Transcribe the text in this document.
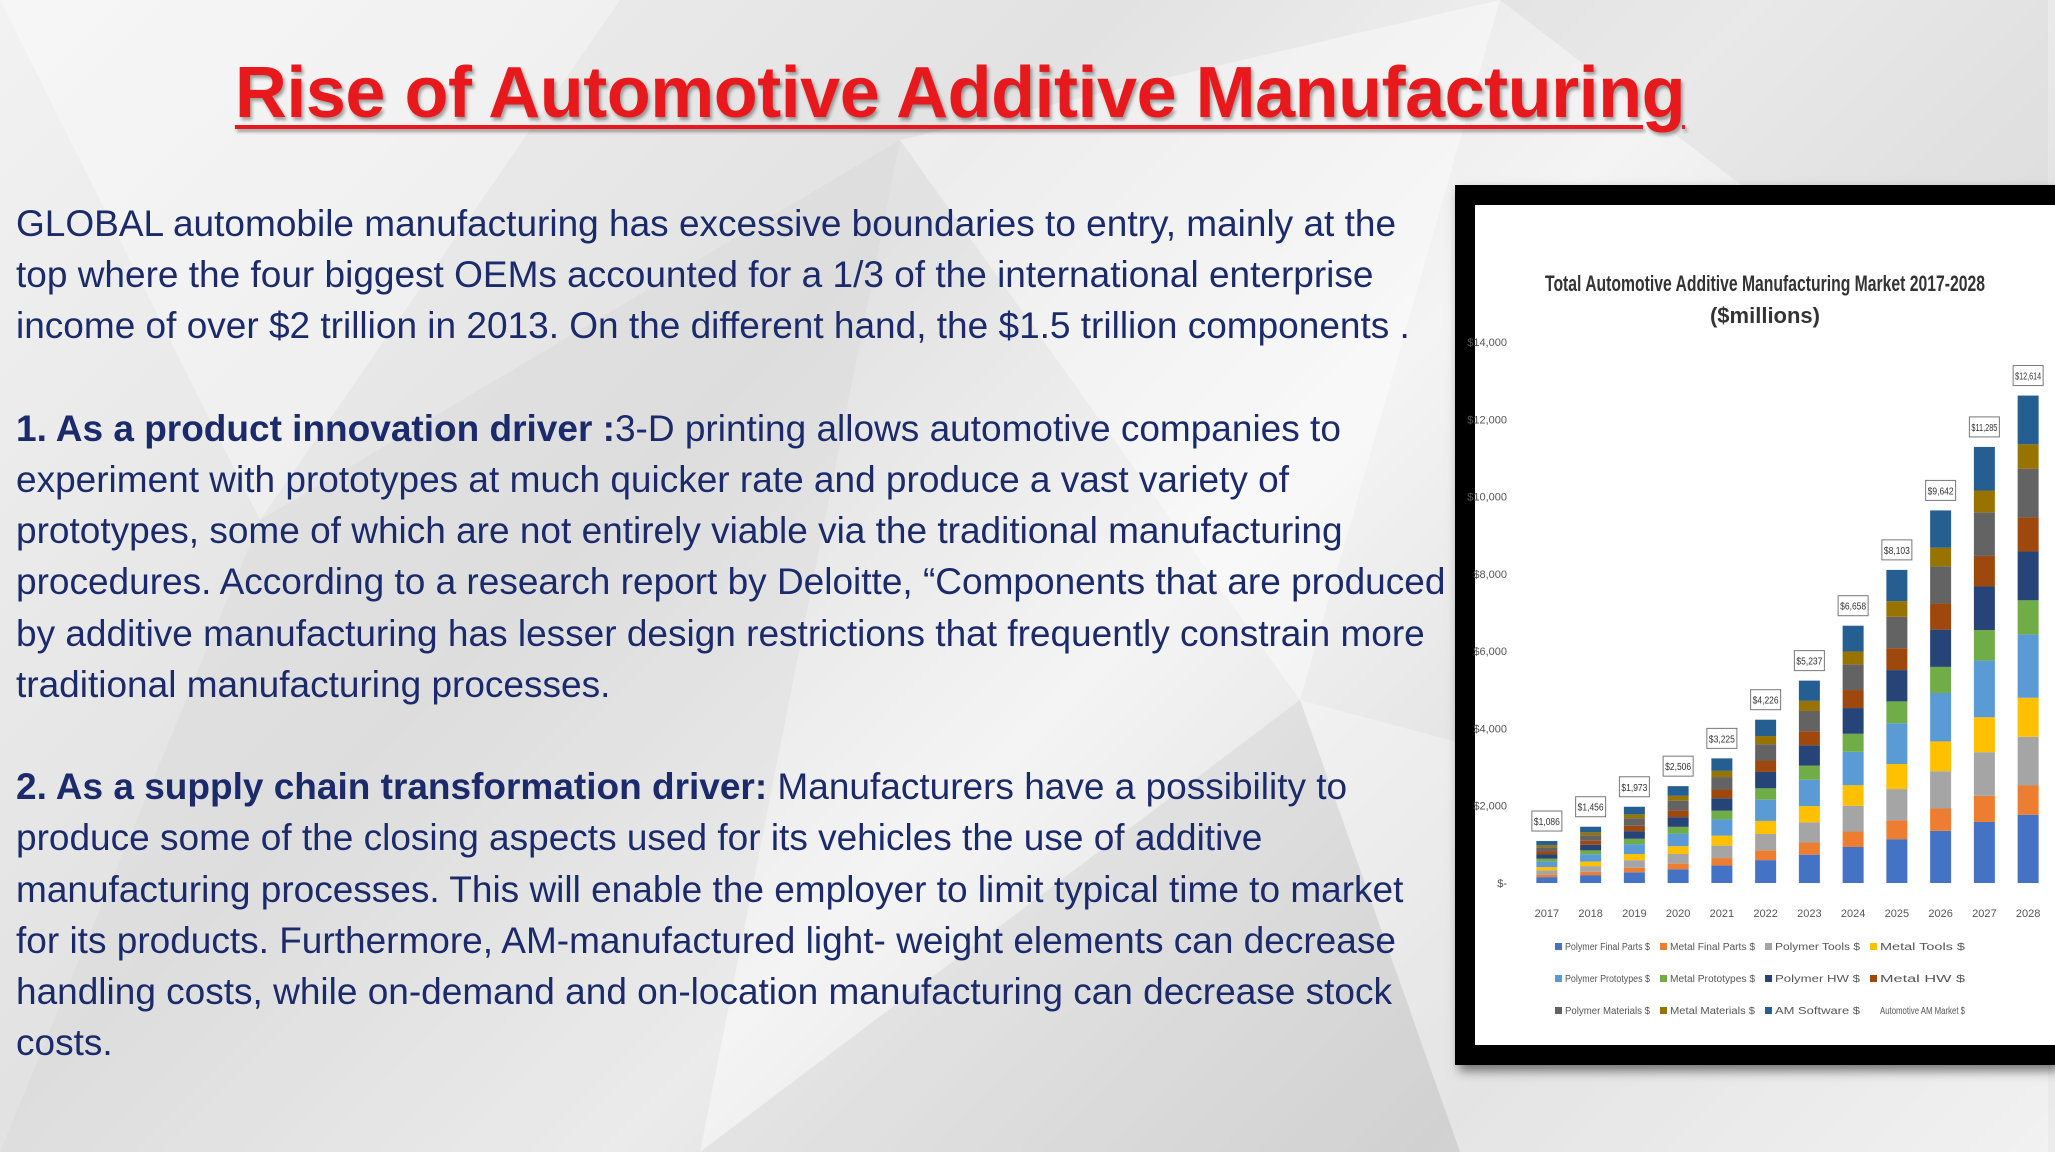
Rise of Automotive Additive Manufacturing

GLOBAL automobile manufacturing has excessive boundaries to entry, mainly at the top where the four biggest OEMs accounted for a 1/3 of the international enterprise income of over $2 trillion in 2013. On the different hand, the $1.5 trillion components .

1. As a product innovation driver :3-D printing allows automotive companies to experiment with prototypes at much quicker rate and produce a vast variety of prototypes, some of which are not entirely viable via the traditional manufacturing procedures. According to a research report by Deloitte, “Components that are produced by additive manufacturing has lesser design restrictions that frequently constrain more traditional manufacturing processes.

2. As a supply chain transformation driver: Manufacturers have a possibility to produce some of the closing aspects used for its vehicles the use of additive manufacturing processes. This will enable the employer to limit typical time to market for its products. Furthermore, AM-manufactured light- weight elements can decrease handling costs, while on-demand and on-location manufacturing can decrease stock costs.

Total Automotive Additive Manufacturing Market 2017-2028
($millions)
$-
$2,000
$4,000
$6,000
$8,000
$10,000
$12,000
$14,000
$1,086
$1,456
$1,973
$2,506
$3,225
$4,226
$5,237
$6,658
$8,103
$9,642
$11,285
$12,614
2017 2018 2019 2020 2021 2022 2023 2024 2025 2026 2027 2028
Polymer Final Parts $ Metal Final Parts $ Polymer Tools $ Metal Tools $
Polymer Prototypes $ Metal Prototypes $ Polymer HW $ Metal HW $
Polymer Materials $ Metal Materials $ AM Software $ Automotive AM Market $
